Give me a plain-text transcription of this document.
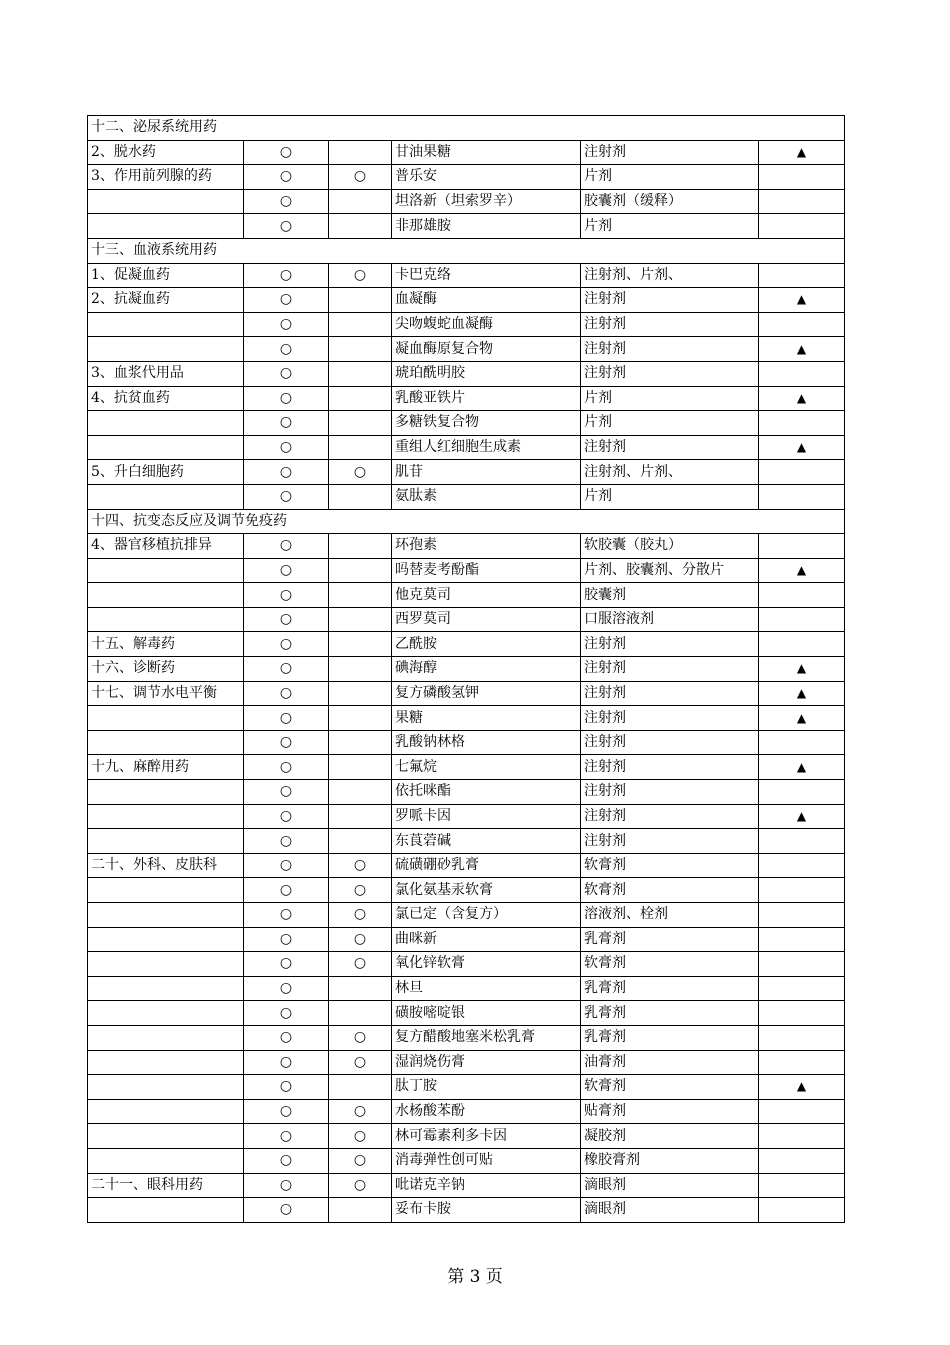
十二、泌尿系统用药					
2、脱水药	○		甘油果糖	注射剂	▲
3、作用前列腺的药	○	○	普乐安	片剂	
	○		坦洛新（坦索罗辛）	胶囊剂（缓释）	
	○		非那雄胺	片剂	
十三、血液系统用药					
1、促凝血药	○	○	卡巴克络	注射剂、片剂、	
2、抗凝血药	○		血凝酶	注射剂	▲
	○		尖吻蝮蛇血凝酶	注射剂	
	○		凝血酶原复合物	注射剂	▲
3、血浆代用品	○		琥珀酰明胶	注射剂	
4、抗贫血药	○		乳酸亚铁片	片剂	▲
	○		多糖铁复合物	片剂	
	○		重组人红细胞生成素	注射剂	▲
5、升白细胞药	○	○	肌苷	注射剂、片剂、	
	○		氨肽素	片剂	
十四、抗变态反应及调节免疫药					
4、器官移植抗排异	○		环孢素	软胶囊（胶丸）	
	○		吗替麦考酚酯	片剂、胶囊剂、分散片	▲
	○		他克莫司	胶囊剂	
	○		西罗莫司	口服溶液剂	
十五、解毒药	○		乙酰胺	注射剂	
十六、诊断药	○		碘海醇	注射剂	▲
十七、调节水电平衡	○		复方磷酸氢钾	注射剂	▲
	○		果糖	注射剂	▲
	○		乳酸钠林格	注射剂	
十九、麻醉用药	○		七氟烷	注射剂	▲
	○		依托咪酯	注射剂	
	○		罗哌卡因	注射剂	▲
	○		东莨菪碱	注射剂	
二十、外科、皮肤科	○	○	硫磺硼砂乳膏	软膏剂	
	○	○	氯化氨基汞软膏	软膏剂	
	○	○	氯已定（含复方）	溶液剂、栓剂	
	○	○	曲咪新	乳膏剂	
	○	○	氧化锌软膏	软膏剂	
	○		林旦	乳膏剂	
	○		磺胺嘧啶银	乳膏剂	
	○	○	复方醋酸地塞米松乳膏	乳膏剂	
	○	○	湿润烧伤膏	油膏剂	
	○		肽丁胺	软膏剂	▲
	○	○	水杨酸苯酚	贴膏剂	
	○	○	林可霉素利多卡因	凝胶剂	
	○	○	消毒弹性创可贴	橡胶膏剂	
二十一、眼科用药	○	○	吡诺克辛钠	滴眼剂	
	○		妥布卡胺	滴眼剂	
第 3 页
